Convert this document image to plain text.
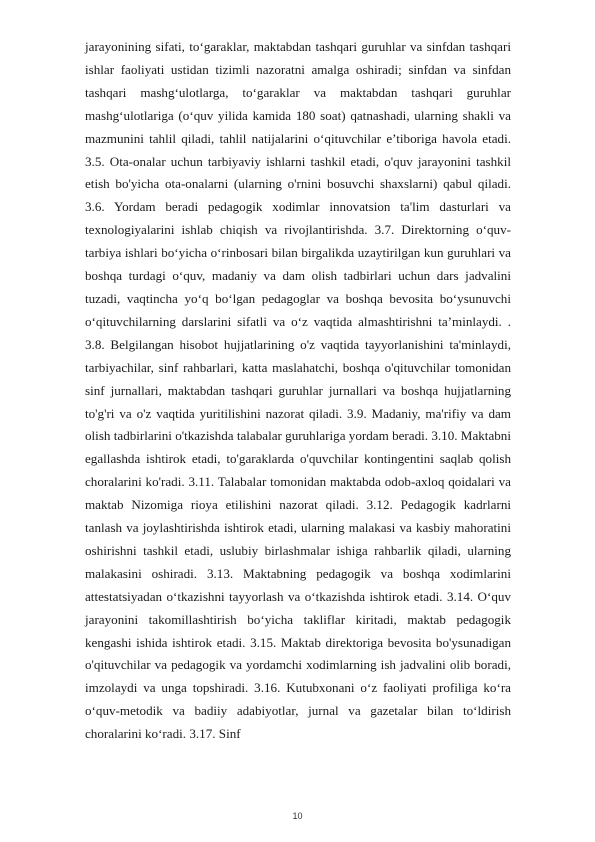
jarayonining sifati, to‘garaklar, maktabdan tashqari guruhlar va sinfdan tashqari ishlar faoliyati ustidan tizimli nazoratni amalga oshiradi; sinfdan va sinfdan tashqari mashg‘ulotlarga, to‘garaklar va maktabdan tashqari guruhlar mashg‘ulotlariga (o‘quv yilida kamida 180 soat) qatnashadi, ularning shakli va mazmunini tahlil qiladi, tahlil natijalarini o‘qituvchilar e’tiboriga havola etadi. 3.5. Ota-onalar uchun tarbiyaviy ishlarni tashkil etadi, o'quv jarayonini tashkil etish bo'yicha ota-onalarni (ularning o'rnini bosuvchi shaxslarni) qabul qiladi. 3.6. Yordam beradi pedagogik xodimlar innovatsion ta'lim dasturlari va texnologiyalarini ishlab chiqish va rivojlantirishda. 3.7. Direktorning o‘quv-tarbiya ishlari bo‘yicha o‘rinbosari bilan birgalikda uzaytirilgan kun guruhlari va boshqa turdagi o‘quv, madaniy va dam olish tadbirlari uchun dars jadvalini tuzadi, vaqtincha yo‘q bo‘lgan pedagoglar va boshqa bevosita bo‘ysunuvchi o‘qituvchilarning darslarini sifatli va o‘z vaqtida almashtirishni ta’minlaydi. . 3.8. Belgilangan hisobot hujjatlarining o'z vaqtida tayyorlanishini ta'minlaydi, tarbiyachilar, sinf rahbarlari, katta maslahatchi, boshqa o'qituvchilar tomonidan sinf jurnallari, maktabdan tashqari guruhlar jurnallari va boshqa hujjatlarning to'g'ri va o'z vaqtida yuritilishini nazorat qiladi. 3.9. Madaniy, ma'rifiy va dam olish tadbirlarini o'tkazishda talabalar guruhlariga yordam beradi. 3.10. Maktabni egallashda ishtirok etadi, to'garaklarda o'quvchilar kontingentini saqlab qolish choralarini ko'radi. 3.11. Talabalar tomonidan maktabda odob-axloq qoidalari va maktab Nizomiga rioya etilishini nazorat qiladi. 3.12. Pedagogik kadrlarni tanlash va joylashtirishda ishtirok etadi, ularning malakasi va kasbiy mahoratini oshirishni tashkil etadi, uslubiy birlashmalar ishiga rahbarlik qiladi, ularning malakasini oshiradi. 3.13. Maktabning pedagogik va boshqa xodimlarini attestatsiyadan o‘tkazishni tayyorlash va o‘tkazishda ishtirok etadi. 3.14. O‘quv jarayonini takomillashtirish bo‘yicha takliflar kiritadi, maktab pedagogik kengashi ishida ishtirok etadi. 3.15. Maktab direktoriga bevosita bo'ysunadigan o'qituvchilar va pedagogik va yordamchi xodimlarning ish jadvalini olib boradi, imzolaydi va unga topshiradi. 3.16. Kutubxonani o‘z faoliyati profiliga ko‘ra o‘quv-metodik va badiiy adabiyotlar, jurnal va gazetalar bilan to‘ldirish choralarini ko‘radi. 3.17. Sinf

10
